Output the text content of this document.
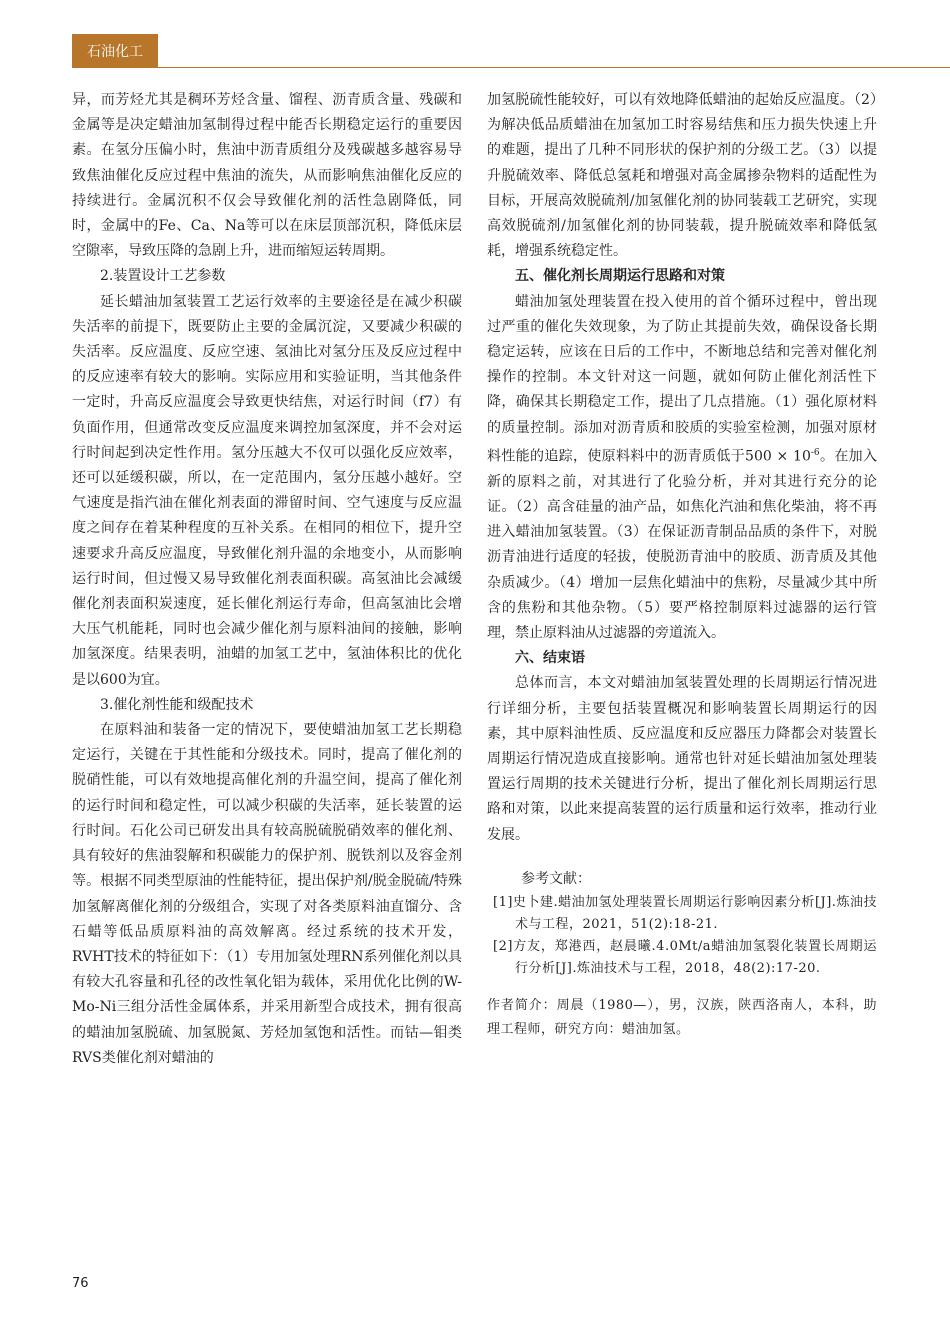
石油化工

异，而芳烃尤其是稠环芳烃含量、馏程、沥青质含量、残碳和金属等是决定蜡油加氢制得过程中能否长期稳定运行的重要因素。在氢分压偏小时，焦油中沥青质组分及残碳越多越容易导致焦油催化反应过程中焦油的流失，从而影响焦油催化反应的持续进行。金属沉积不仅会导致催化剂的活性急剧降低，同时，金属中的Fe、Ca、Na等可以在床层顶部沉积，降低床层空隙率，导致压降的急剧上升，进而缩短运转周期。

2.装置设计工艺参数

延长蜡油加氢装置工艺运行效率的主要途径是在减少积碳失活率的前提下，既要防止主要的金属沉淀，又要减少积碳的失活率。反应温度、反应空速、氢油比对氢分压及反应过程中的反应速率有较大的影响。实际应用和实验证明，当其他条件一定时，升高反应温度会导致更快结焦，对运行时间（f7）有负面作用，但通常改变反应温度来调控加氢深度，并不会对运行时间起到决定性作用。氢分压越大不仅可以强化反应效率，还可以延缓积碳，所以，在一定范围内，氢分压越小越好。空气速度是指汽油在催化剂表面的滞留时间、空气速度与反应温度之间存在着某种程度的互补关系。在相同的相位下，提升空速要求升高反应温度，导致催化剂升温的余地变小，从而影响运行时间，但过慢又易导致催化剂表面积碳。高氢油比会减缓催化剂表面积炭速度，延长催化剂运行寿命，但高氢油比会增大压气机能耗，同时也会减少催化剂与原料油间的接触，影响加氢深度。结果表明，油蜡的加氢工艺中，氢油体积比的优化是以600为宜。

3.催化剂性能和级配技术

在原料油和装备一定的情况下，要使蜡油加氢工艺长期稳定运行，关键在于其性能和分级技术。同时，提高了催化剂的脱硝性能，可以有效地提高催化剂的升温空间，提高了催化剂的运行时间和稳定性，可以减少积碳的失活率，延长装置的运行时间。石化公司已研发出具有较高脱硫脱硝效率的催化剂、具有较好的焦油裂解和积碳能力的保护剂、脱铁剂以及容金剂等。根据不同类型原油的性能特征，提出保护剂/脱金脱硫/特殊加氢解离催化剂的分级组合，实现了对各类原料油直馏分、含石蜡等低品质原料油的高效解离。经过系统的技术开发，RVHT技术的特征如下：（1）专用加氢处理RN系列催化剂以具有较大孔容量和孔径的改性氧化铝为载体，采用优化比例的W-Mo-Ni三组分活性金属体系，并采用新型合成技术，拥有很高的蜡油加氢脱硫、加氢脱氮、芳烃加氢饱和活性。而钴—钼类RVS类催化剂对蜡油的

加氢脱硫性能较好，可以有效地降低蜡油的起始反应温度。（2）为解决低品质蜡油在加氢加工时容易结焦和压力损失快速上升的难题，提出了几种不同形状的保护剂的分级工艺。（3）以提升脱硫效率、降低总氢耗和增强对高金属掺杂物料的适配性为目标，开展高效脱硫剂/加氢催化剂的协同装载工艺研究，实现高效脱硫剂/加氢催化剂的协同装载，提升脱硫效率和降低氢耗，增强系统稳定性。

五、催化剂长周期运行思路和对策

蜡油加氢处理装置在投入使用的首个循环过程中，曾出现过严重的催化失效现象，为了防止其提前失效，确保设备长期稳定运转，应该在日后的工作中，不断地总结和完善对催化剂操作的控制。本文针对这一问题，就如何防止催化剂活性下降，确保其长期稳定工作，提出了几点措施。（1）强化原材料的质量控制。添加对沥青质和胶质的实验室检测，加强对原材料性能的追踪，使原料料中的沥青质低于$500 \times 10^{-6}$。在加入新的原料之前，对其进行了化验分析，并对其进行充分的论证。（2）高含硅量的油产品，如焦化汽油和焦化柴油，将不再进入蜡油加氢装置。（3）在保证沥青制品品质的条件下，对脱沥青油进行适度的轻拔，使脱沥青油中的胶质、沥青质及其他杂质减少。（4）增加一层焦化蜡油中的焦粉，尽量减少其中所含的焦粉和其他杂物。（5）要严格控制原料过滤器的运行管理，禁止原料油从过滤器的旁道流入。

六、结束语

总体而言，本文对蜡油加氢装置处理的长周期运行情况进行详细分析，主要包括装置概况和影响装置长周期运行的因素，其中原料油性质、反应温度和反应器压力降都会对装置长周期运行情况造成直接影响。通常也针对延长蜡油加氢处理装置运行周期的技术关键进行分析，提出了催化剂长周期运行思路和对策，以此来提高装置的运行质量和运行效率，推动行业发展。

参考文献：

[1]史卜建.蜡油加氢处理装置长周期运行影响因素分析[J].炼油技术与工程，2021，51(2):18-21.

[2]方友，郑港西，赵晨曦.4.0Mt/a蜡油加氢裂化装置长周期运行分析[J].炼油技术与工程，2018，48(2):17-20.

作者简介：周晨（1980—），男，汉族，陕西洛南人，本科，助理工程师，研究方向：蜡油加氢。
76
